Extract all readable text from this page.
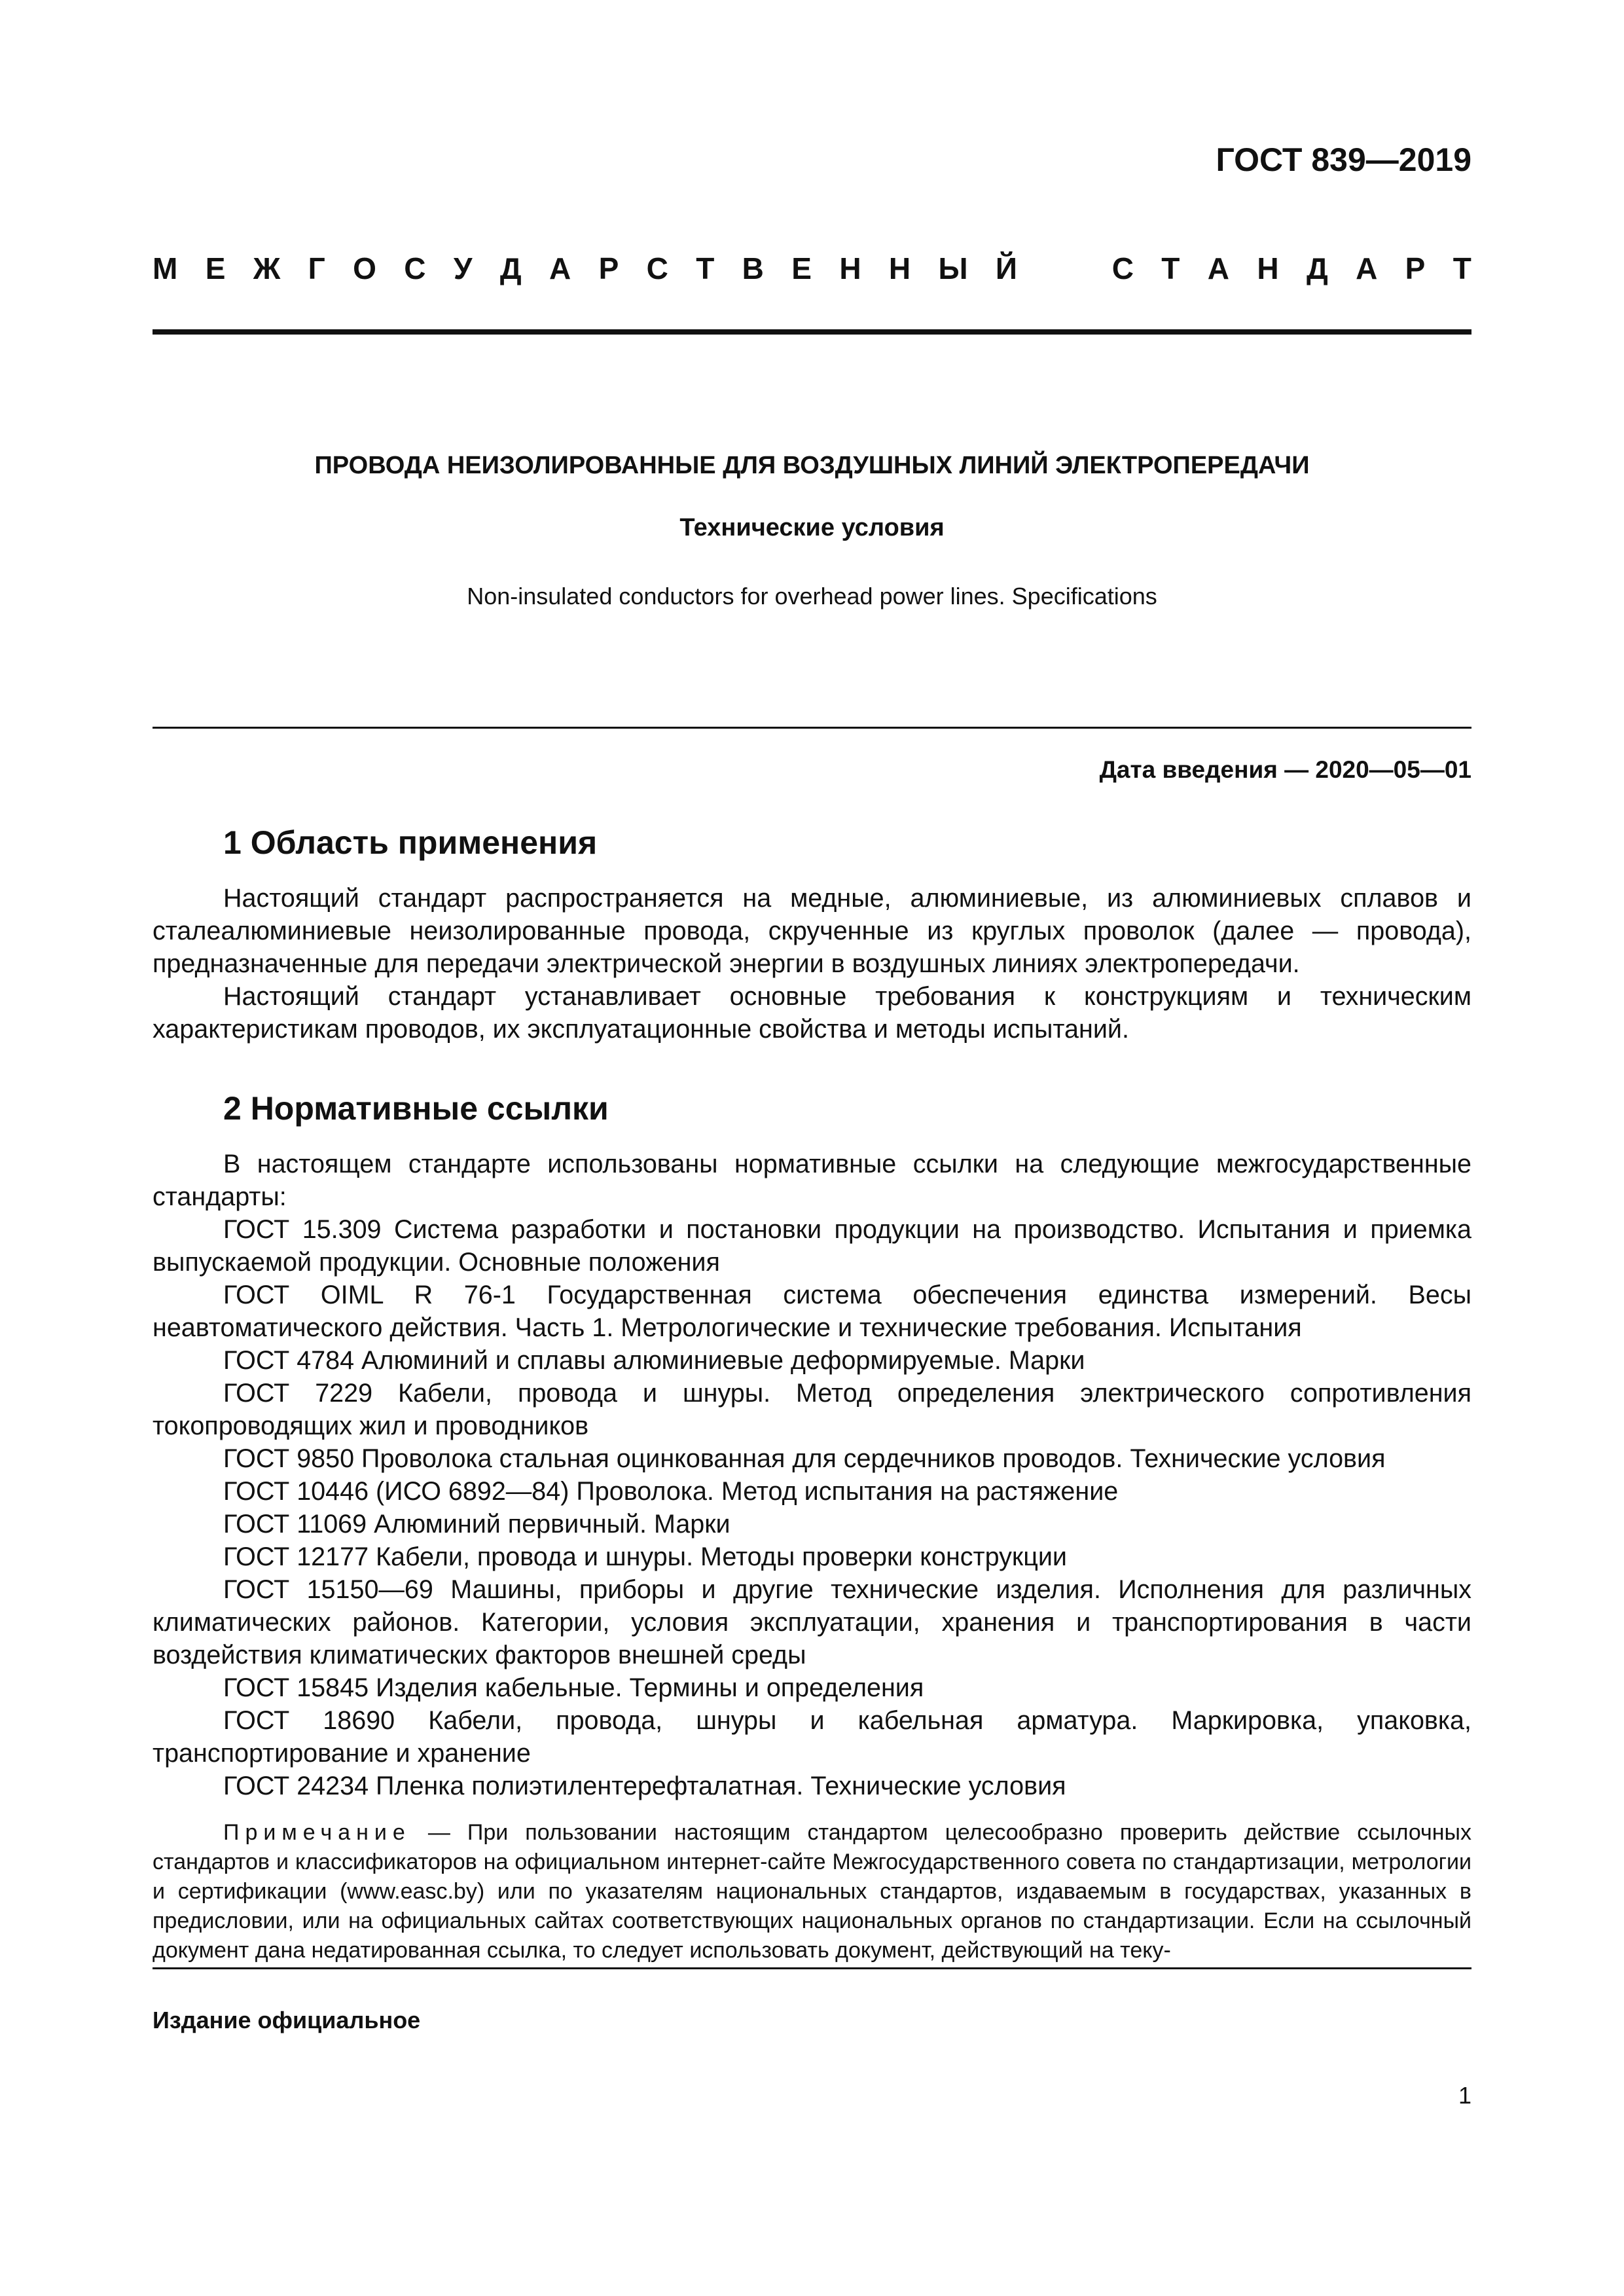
ГОСТ 839—2019
М Е Ж Г О С У Д А Р С Т В Е Н Н Ы Й	С Т А Н Д А Р Т
ПРОВОДА НЕИЗОЛИРОВАННЫЕ ДЛЯ ВОЗДУШНЫХ ЛИНИЙ ЭЛЕКТРОПЕРЕДАЧИ
Технические условия
Non-insulated conductors for overhead power lines. Specifications
Дата введения — 2020—05—01
1 Область применения

Настоящий стандарт распространяется на медные, алюминиевые, из алюминиевых сплавов и сталеалюминиевые неизолированные провода, скрученные из круглых проволок (далее — провода), предназначенные для передачи электрической энергии в воздушных линиях электропередачи.

Настоящий стандарт устанавливает основные требования к конструкциям и техническим характеристикам проводов, их эксплуатационные свойства и методы испытаний.

2 Нормативные ссылки

В настоящем стандарте использованы нормативные ссылки на следующие межгосударственные стандарты:

ГОСТ 15.309 Система разработки и постановки продукции на производство. Испытания и приемка выпускаемой продукции. Основные положения

ГОСТ OIML R 76-1 Государственная система обеспечения единства измерений. Весы неавтоматического действия. Часть 1. Метрологические и технические требования. Испытания

ГОСТ 4784 Алюминий и сплавы алюминиевые деформируемые. Марки

ГОСТ 7229 Кабели, провода и шнуры. Метод определения электрического сопротивления токопроводящих жил и проводников

ГОСТ 9850 Проволока стальная оцинкованная для сердечников проводов. Технические условия

ГОСТ 10446 (ИСО 6892—84) Проволока. Метод испытания на растяжение

ГОСТ 11069 Алюминий первичный. Марки

ГОСТ 12177 Кабели, провода и шнуры. Методы проверки конструкции

ГОСТ 15150—69 Машины, приборы и другие технические изделия. Исполнения для различных климатических районов. Категории, условия эксплуатации, хранения и транспортирования в части воздействия климатических факторов внешней среды

ГОСТ 15845 Изделия кабельные. Термины и определения

ГОСТ 18690 Кабели, провода, шнуры и кабельная арматура. Маркировка, упаковка, транспортирование и хранение

ГОСТ 24234 Пленка полиэтилентерефталатная. Технические условия

Примечание — При пользовании настоящим стандартом целесообразно проверить действие ссылочных стандартов и классификаторов на официальном интернет-сайте Межгосударственного совета по стандартизации, метрологии и сертификации (www.easc.by) или по указателям национальных стандартов, издаваемым в государствах, указанных в предисловии, или на официальных сайтах соответствующих национальных органов по стандартизации. Если на ссылочный документ дана недатированная ссылка, то следует использовать документ, действующий на теку-

Издание официальное
1
